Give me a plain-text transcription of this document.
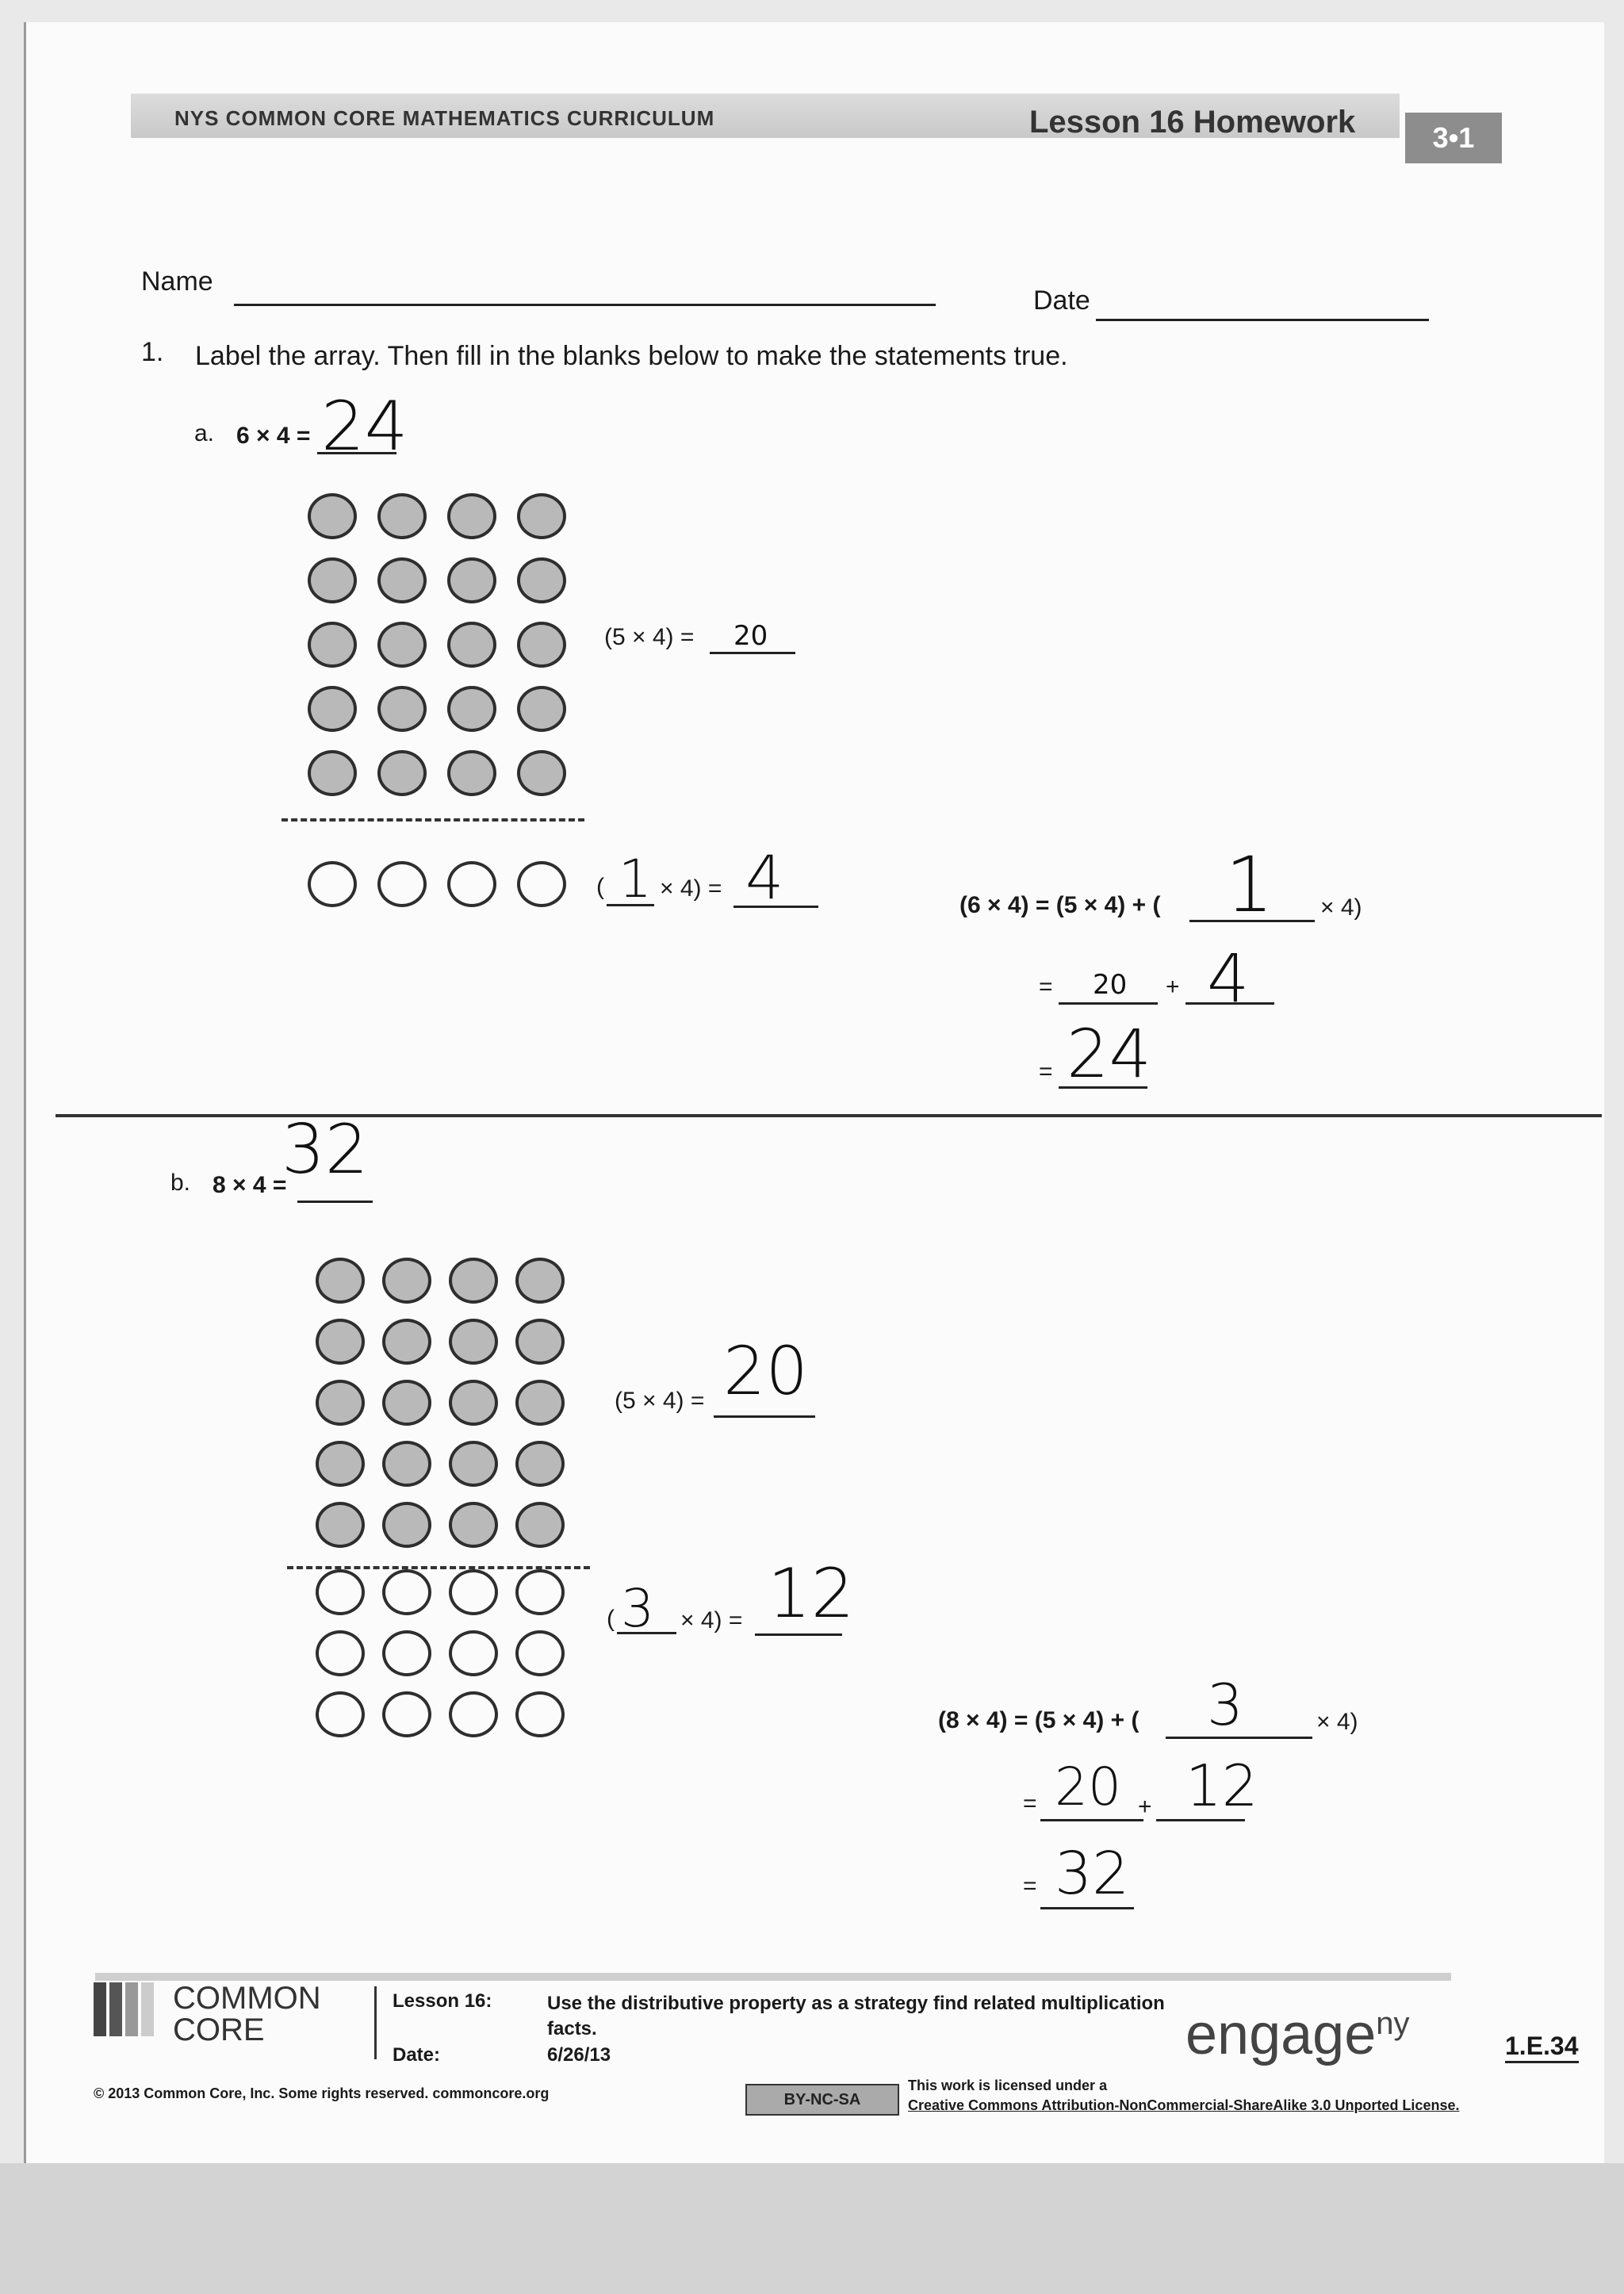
NYS COMMON CORE MATHEMATICS CURRICULUM	Lesson 16 Homework	3•1
Name
Date
1. Label the array. Then fill in the blanks below to make the statements true.
a. 6 × 4 = 24
(5 × 4) = 20
( 1 × 4) = 4	(6 × 4) = (5 × 4) + ( 1 × 4)
= 20 + 4
= 24
b. 8 × 4 =
32
(5 × 4) = 20
( 3 × 4) = 12
(8 × 4) = (5 × 4) + ( 3	× 4)
= 20 + 12
= 32
COMMON
CORE
Lesson 16:
Date:
Use the distributive property as a strategy find related multiplication
facts.
6/26/13	engage$^{ny}$
1.E.34
© 2013 Common Core, Inc. Some rights reserved. commoncore.org	BY-NC-SA
This work is licensed under a
Creative Commons Attribution-NonCommercial-ShareAlike 3.0 Unported License.
